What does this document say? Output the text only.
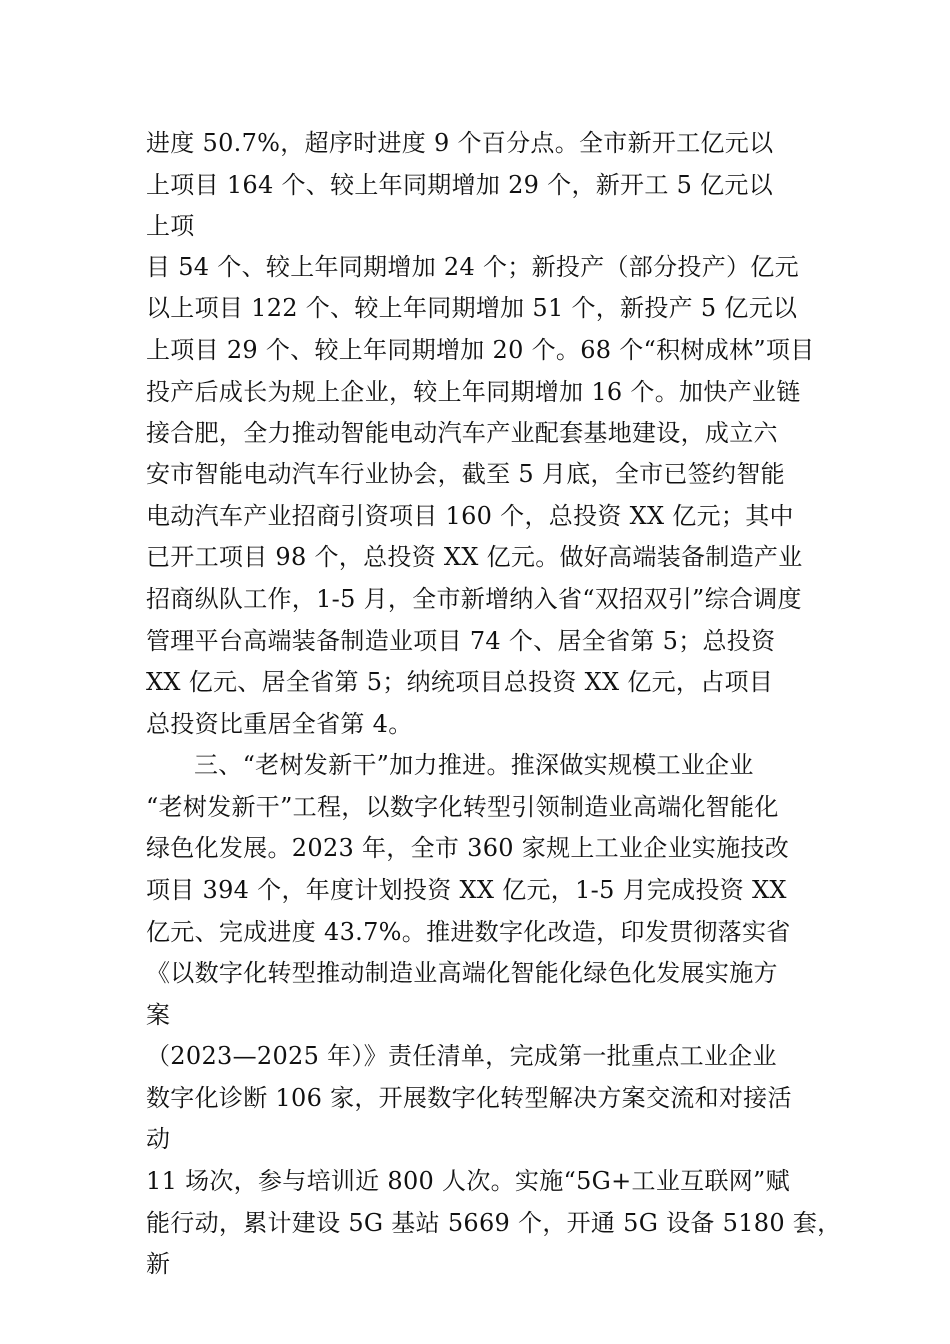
进度 50.7%，超序时进度 9 个百分点。全市新开工亿元以
上项目 164 个、较上年同期增加 29 个，新开工 5 亿元以
上项
目 54 个、较上年同期增加 24 个；新投产（部分投产）亿元
以上项目 122 个、较上年同期增加 51 个，新投产 5 亿元以
上项目 29 个、较上年同期增加 20 个。68 个“积树成林”项目
投产后成长为规上企业，较上年同期增加 16 个。加快产业链
接合肥，全力推动智能电动汽车产业配套基地建设，成立六
安市智能电动汽车行业协会，截至 5 月底，全市已签约智能
电动汽车产业招商引资项目 160 个，总投资 XX 亿元；其中
已开工项目 98 个，总投资 XX 亿元。做好高端装备制造产业
招商纵队工作，1-5 月，全市新增纳入省“双招双引”综合调度
管理平台高端装备制造业项目 74 个、居全省第 5；总投资
XX 亿元、居全省第 5；纳统项目总投资 XX 亿元，占项目
总投资比重居全省第 4。
三、“老树发新干”加力推进。推深做实规模工业企业
“老树发新干”工程，以数字化转型引领制造业高端化智能化
绿色化发展。2023 年，全市 360 家规上工业企业实施技改
项目 394 个，年度计划投资 XX 亿元，1-5 月完成投资 XX
亿元、完成进度 43.7%。推进数字化改造，印发贯彻落实省
《以数字化转型推动制造业高端化智能化绿色化发展实施方
案
（2023—2025 年）》责任清单，完成第一批重点工业企业
数字化诊断 106 家，开展数字化转型解决方案交流和对接活
动
11 场次，参与培训近 800 人次。实施“5G+工业互联网”赋
能行动，累计建设 5G 基站 5669 个，开通 5G 设备 5180 套，
新
